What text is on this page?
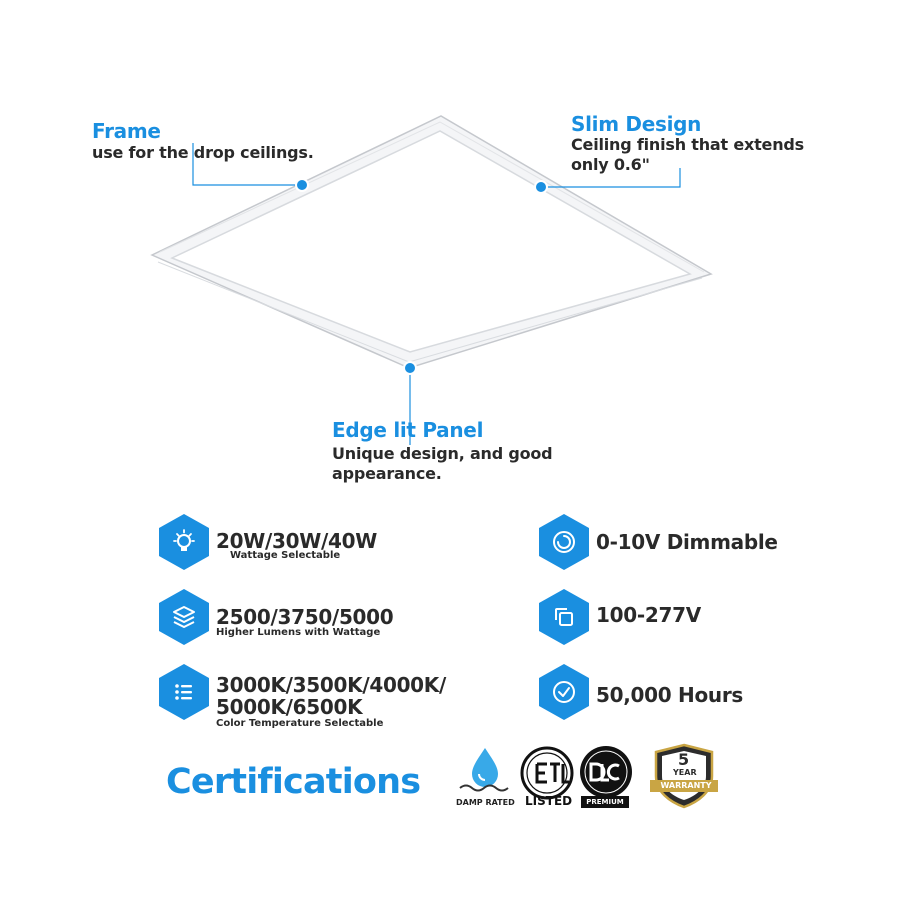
Frame
use for the drop ceilings.
Slim Design
Ceiling finish that extends
only 0.6"
Edge lit Panel
Unique design, and good
appearance.
20W/30W/40W
Wattage Selectable
2500/3750/5000
Higher Lumens with Wattage
3000K/3500K/4000K/
5000K/6500K
Color Temperature Selectable
0-10V Dimmable
100-277V
50,000 Hours
Certifications
DAMP RATED LISTED	PREMIUM
5
YEAR
WARRANTY
